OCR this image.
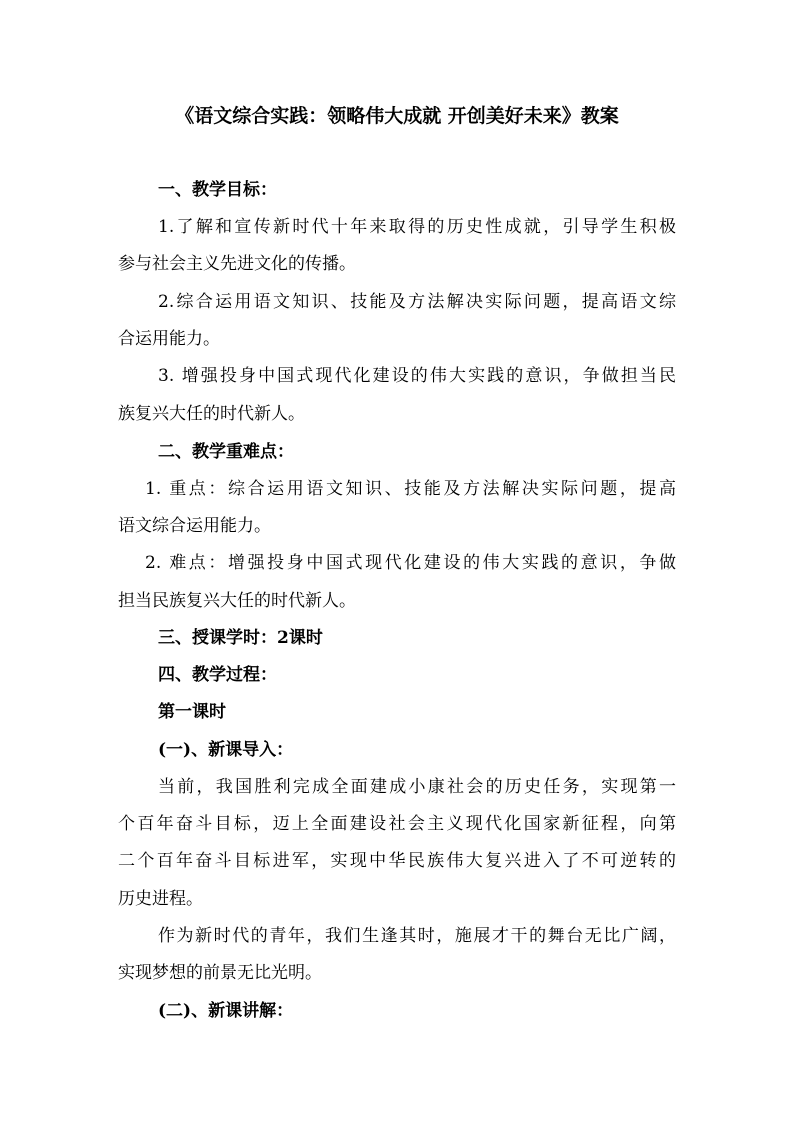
《语文综合实践：领略伟大成就 开创美好未来》教案
一、教学目标：
1.了解和宣传新时代十年来取得的历史性成就，引导学生积极
参与社会主义先进文化的传播。
2.综合运用语文知识、技能及方法解决实际问题，提高语文综
合运用能力。
3. 增强投身中国式现代化建设的伟大实践的意识，争做担当民
族复兴大任的时代新人。
二、教学重难点：
1. 重点：综合运用语文知识、技能及方法解决实际问题，提高
语文综合运用能力。
2. 难点：增强投身中国式现代化建设的伟大实践的意识，争做
担当民族复兴大任的时代新人。
三、授课学时：2课时
四、教学过程：
第一课时
(一)、新课导入：
当前，我国胜利完成全面建成小康社会的历史任务，实现第一
个百年奋斗目标，迈上全面建设社会主义现代化国家新征程，向第
二个百年奋斗目标进军，实现中华民族伟大复兴进入了不可逆转的
历史进程。
作为新时代的青年，我们生逢其时，施展才干的舞台无比广阔，
实现梦想的前景无比光明。
(二)、新课讲解：
